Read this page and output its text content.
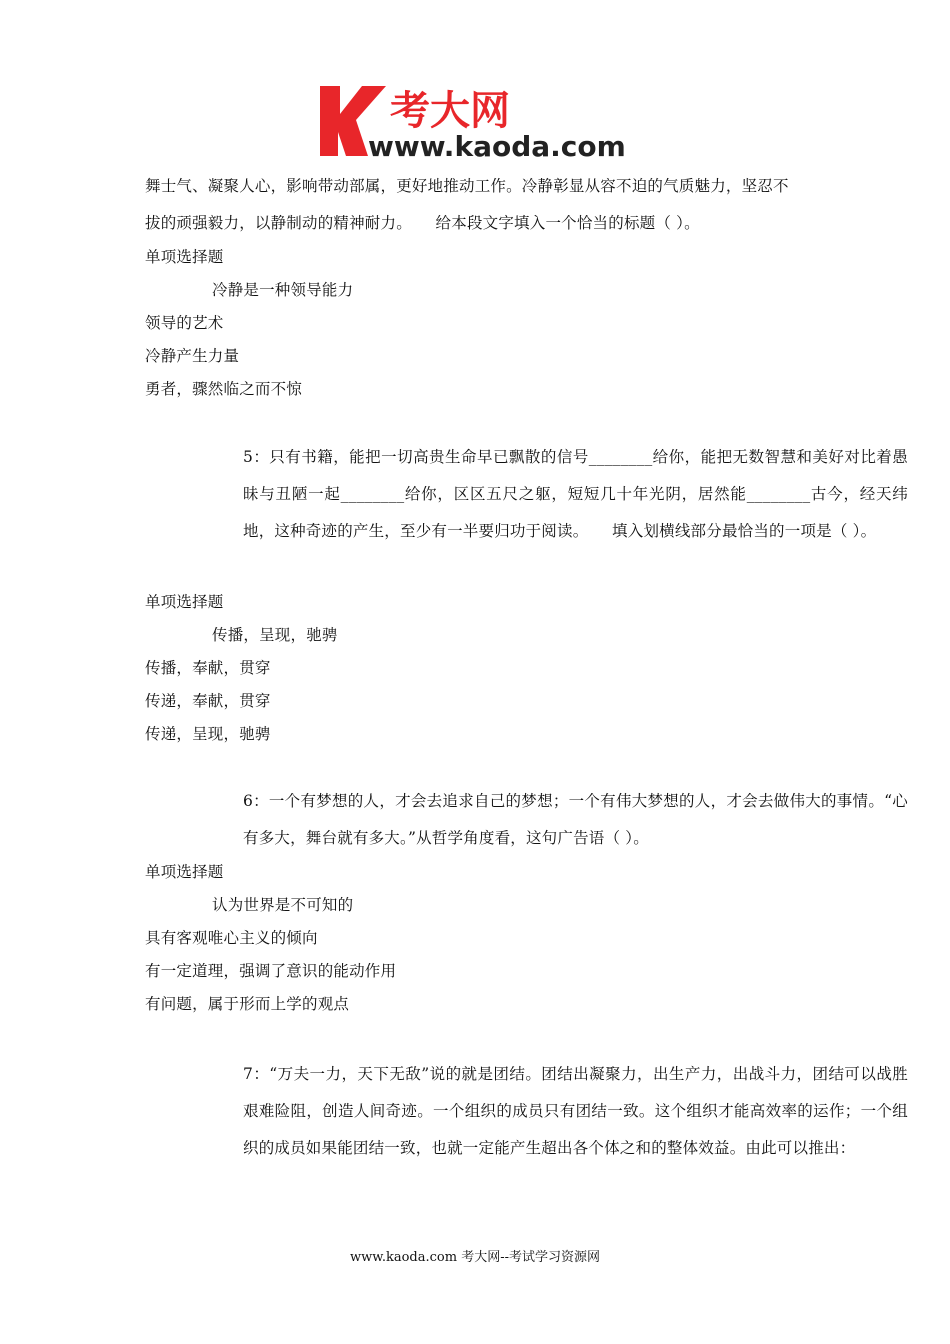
考大网
www.kaoda.com
舞士气、凝聚人心，影响带动部属，更好地推动工作。冷静彰显从容不迫的气质魅力，坚忍不
拔的顽强毅力，以静制动的精神耐力。　　给本段文字填入一个恰当的标题（ ）。
单项选择题
冷静是一种领导能力
领导的艺术
冷静产生力量
勇者，骤然临之而不惊
5：只有书籍，能把一切高贵生命早已飘散的信号________给你，能把无数智慧和美好对比着愚昧与丑陋一起________给你，区区五尺之躯，短短几十年光阴，居然能________古今，经天纬地，这种奇迹的产生，至少有一半要归功于阅读。　　填入划横线部分最恰当的一项是（ ）。
单项选择题
传播，呈现，驰骋
传播，奉献，贯穿
传递，奉献，贯穿
传递，呈现，驰骋
6：一个有梦想的人，才会去追求自己的梦想；一个有伟大梦想的人，才会去做伟大的事情。“心有多大，舞台就有多大。”从哲学角度看，这句广告语（ ）。
单项选择题
认为世界是不可知的
具有客观唯心主义的倾向
有一定道理，强调了意识的能动作用
有问题，属于形而上学的观点
7：“万夫一力，天下无敌”说的就是团结。团结出凝聚力，出生产力，出战斗力，团结可以战胜艰难险阻，创造人间奇迹。一个组织的成员只有团结一致。这个组织才能高效率的运作；一个组织的成员如果能团结一致，也就一定能产生超出各个体之和的整体效益。由此可以推出：
www.kaoda.com 考大网--考试学习资源网
